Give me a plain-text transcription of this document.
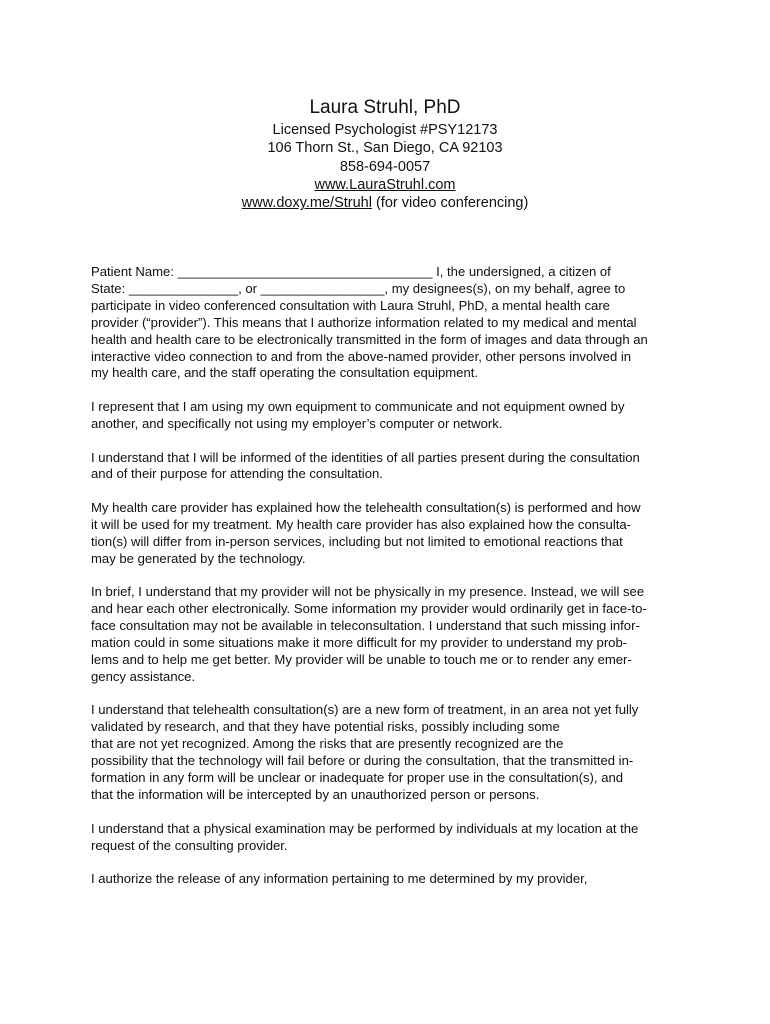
Laura Struhl, PhD

Licensed Psychologist #PSY12173

106 Thorn St., San Diego, CA 92103

858-694-0057

www.LauraStruhl.com

www.doxy.me/Struhl (for video conferencing)

Patient Name: ___________________________________ I, the undersigned, a citizen of
State: _______________, or _________________, my designees(s), on my behalf, agree to
participate in video conferenced consultation with Laura Struhl, PhD, a mental health care
provider (“provider”). This means that I authorize information related to my medical and mental
health and health care to be electronically transmitted in the form of images and data through an
interactive video connection to and from the above-named provider, other persons involved in
my health care, and the staff operating the consultation equipment.
I represent that I am using my own equipment to communicate and not equipment owned by
another, and specifically not using my employer’s computer or network.
I understand that I will be informed of the identities of all parties present during the consultation
and of their purpose for attending the consultation.
My health care provider has explained how the telehealth consultation(s) is performed and how
it will be used for my treatment. My health care provider has also explained how the consulta-
tion(s) will differ from in-person services, including but not limited to emotional reactions that
may be generated by the technology.
In brief, I understand that my provider will not be physically in my presence. Instead, we will see
and hear each other electronically. Some information my provider would ordinarily get in face-to-
face consultation may not be available in teleconsultation. I understand that such missing infor-
mation could in some situations make it more difficult for my provider to understand my prob-
lems and to help me get better. My provider will be unable to touch me or to render any emer-
gency assistance.
I understand that telehealth consultation(s) are a new form of treatment, in an area not yet fully
validated by research, and that they have potential risks, possibly including some
that are not yet recognized. Among the risks that are presently recognized are the
possibility that the technology will fail before or during the consultation, that the transmitted in-
formation in any form will be unclear or inadequate for proper use in the consultation(s), and
that the information will be intercepted by an unauthorized person or persons.
I understand that a physical examination may be performed by individuals at my location at the
request of the consulting provider.
I authorize the release of any information pertaining to me determined by my provider,
